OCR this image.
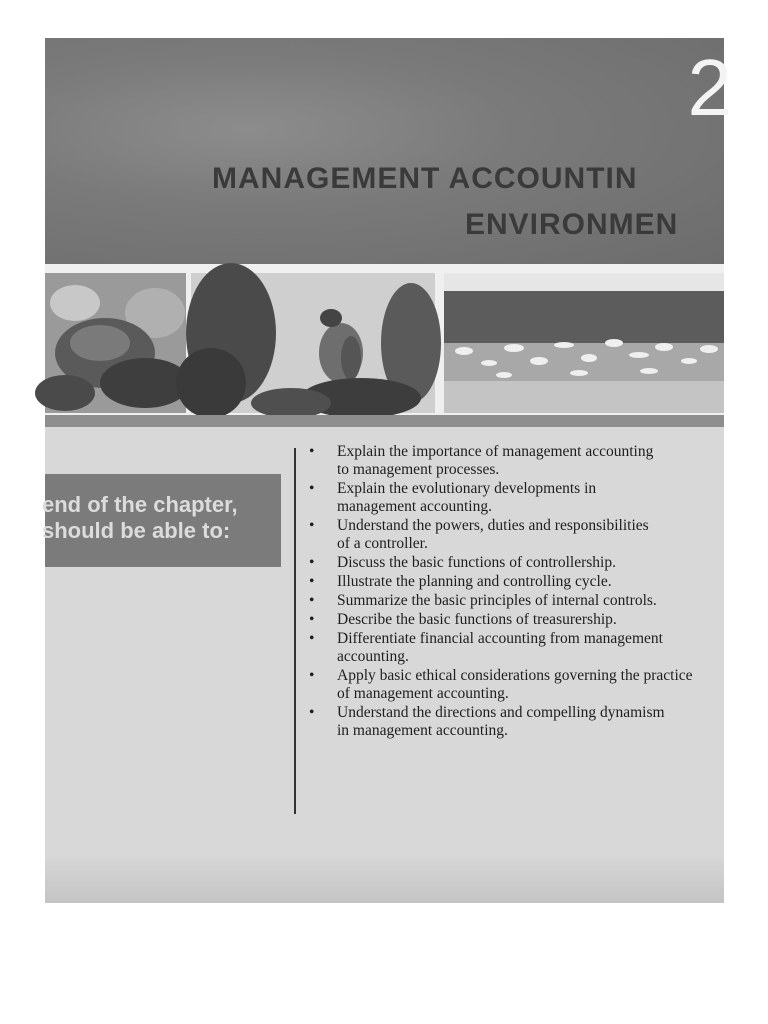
2
MANAGEMENT ACCOUNTIN
ENVIRONMEN
end of the chapter,
should be able to:
• Explain the importance of management accounting
to management processes.
• Explain the evolutionary developments in
management accounting.
• Understand the powers, duties and responsibilities
of a controller.
• Discuss the basic functions of controllership.
• Illustrate the planning and controlling cycle.
• Summarize the basic principles of internal controls.
• Describe the basic functions of treasurership.
• Differentiate financial accounting from management
accounting.
• Apply basic ethical considerations governing the practice
of management accounting.
• Understand the directions and compelling dynamism
in management accounting.
